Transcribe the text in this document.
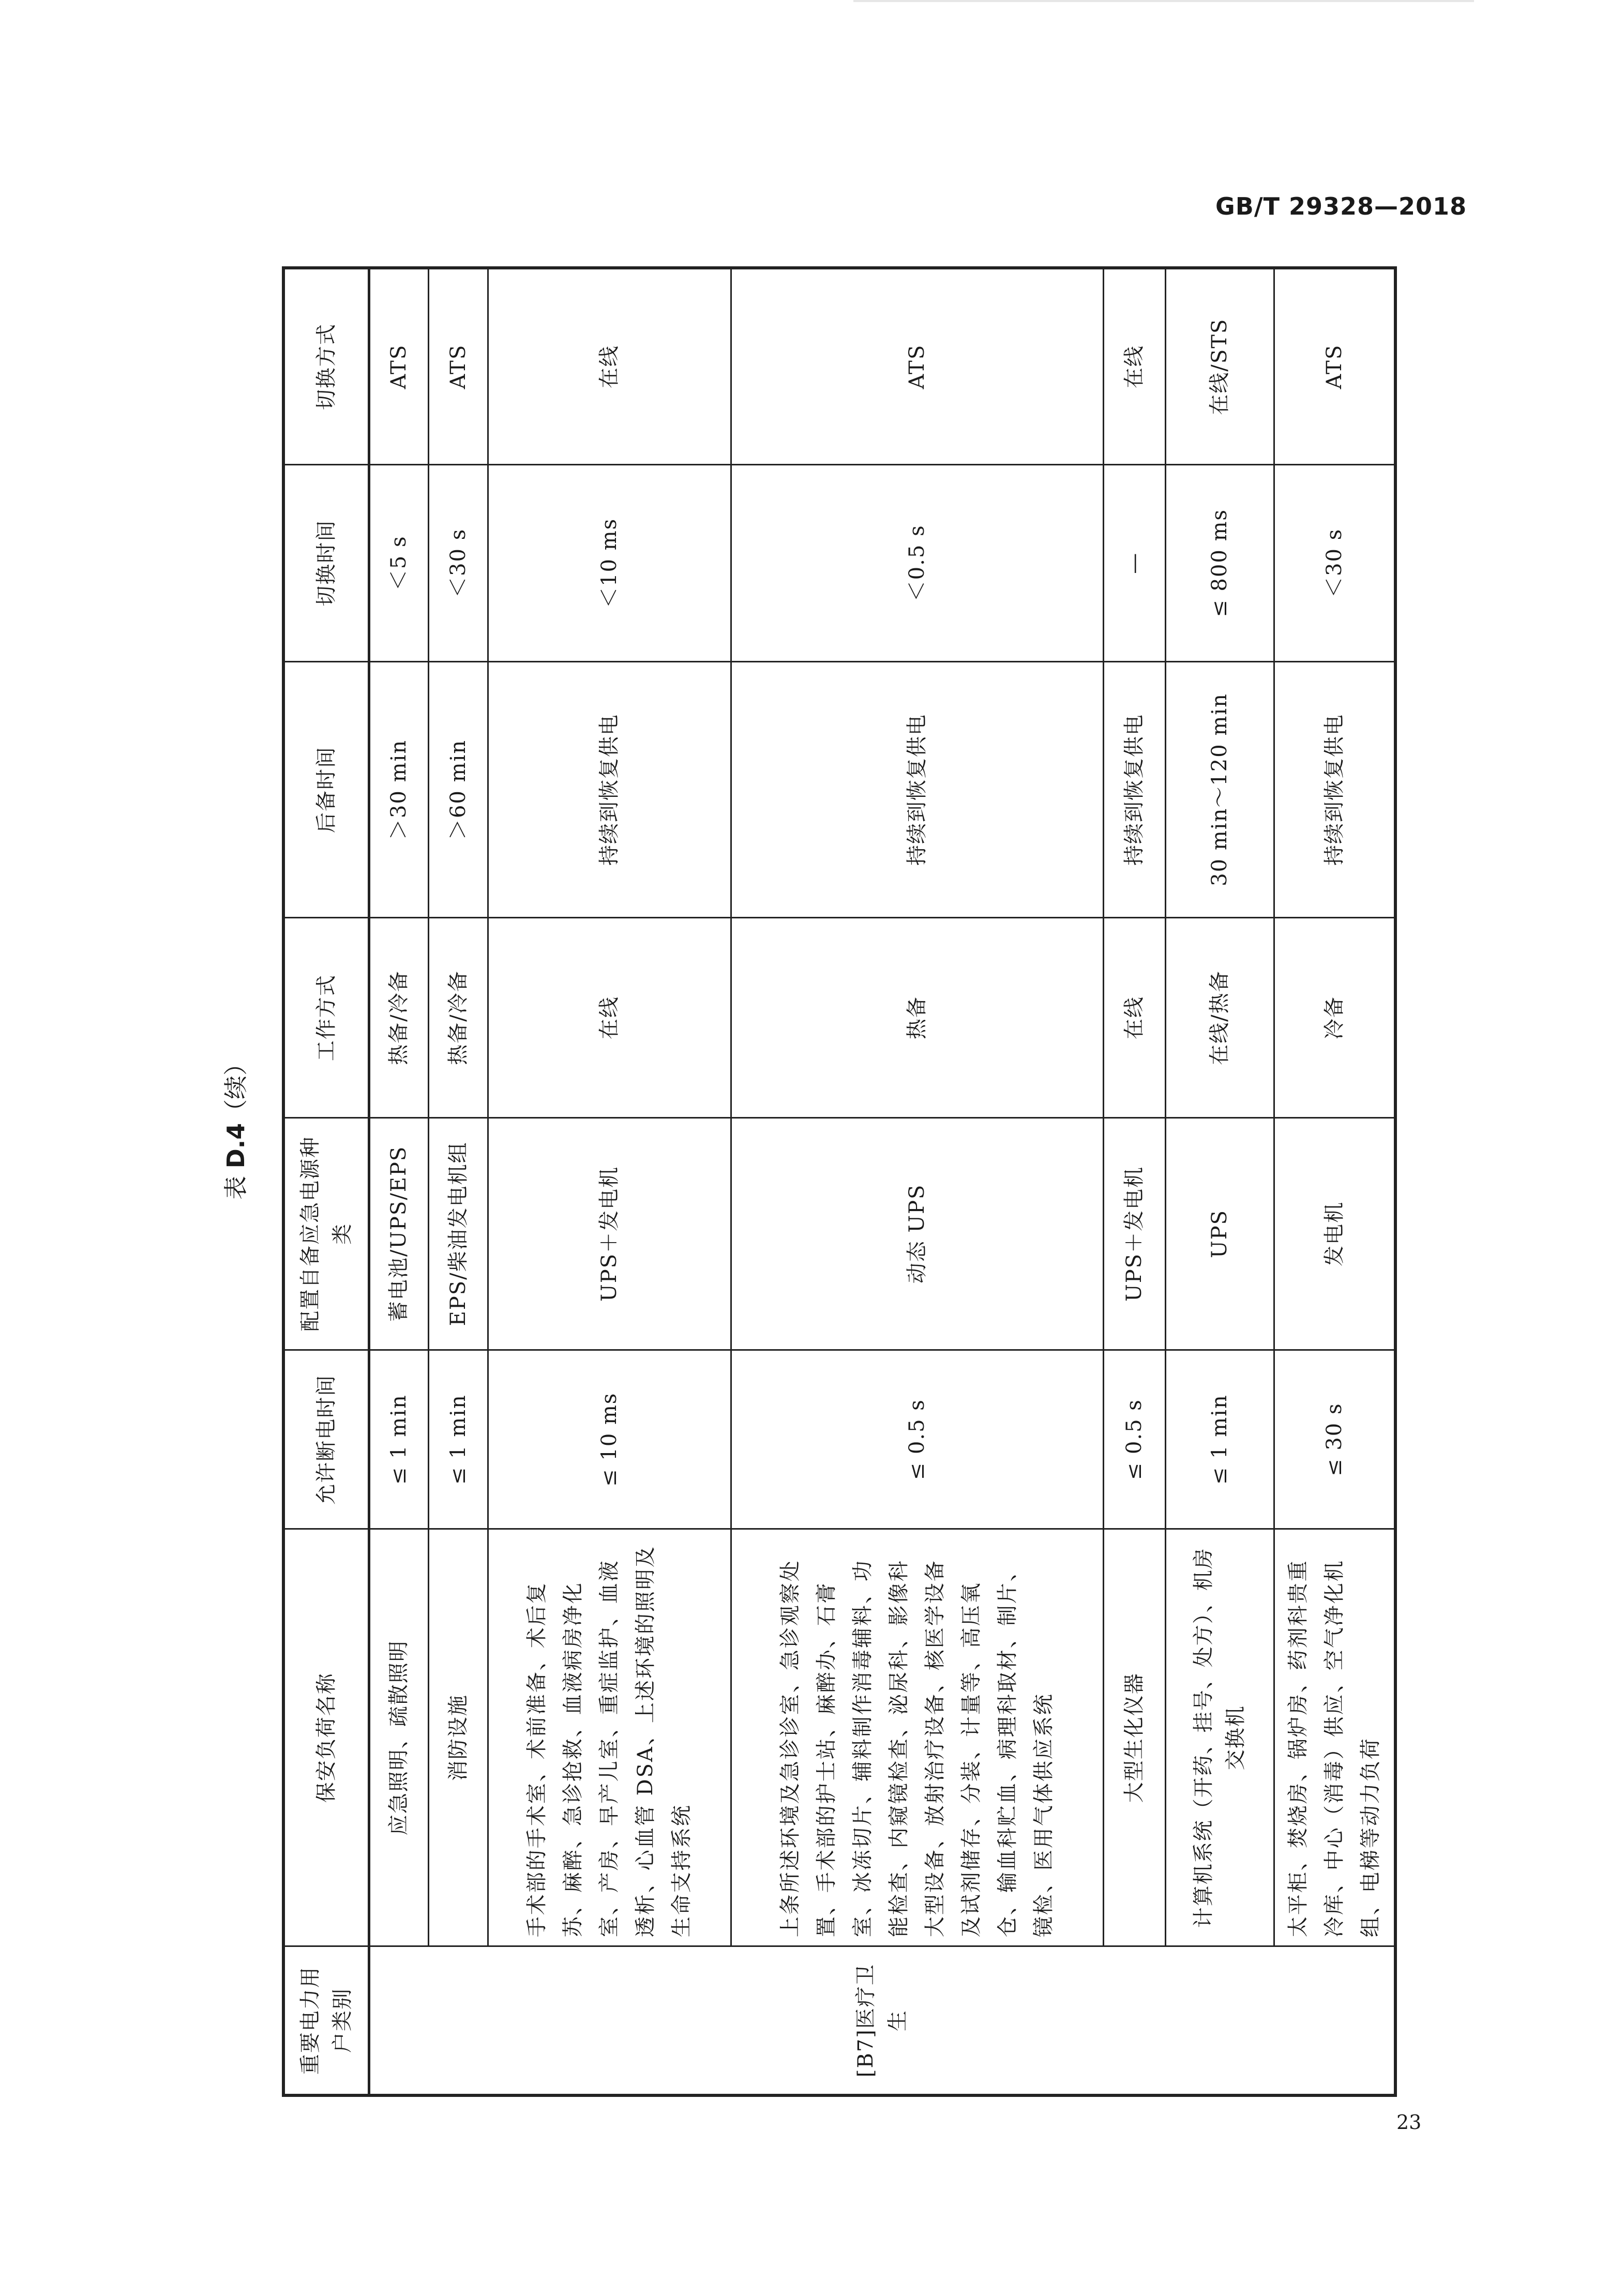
GB/T 29328—2018
表 D.4（续）
重要电力用户类别	保安负荷名称	允许断电时间	配置自备应急电源种类	工作方式	后备时间	切换时间	切换方式
[B7]医疗卫生	应急照明、疏散照明	≤ 1 min	蓄电池/UPS/EPS	热备/冷备	＞30 min	＜5 s	ATS
	消防设施	≤ 1 min	EPS/柴油发电机组	热备/冷备	＞60 min	＜30 s	ATS
	手术部的手术室、术前准备、术后复苏、麻醉、急诊抢救、血液病房净化室、产房、早产儿室、重症监护、血液透析、心血管 DSA、上述环境的照明及生命支持系统	≤ 10 ms	UPS＋发电机	在线	持续到恢复供电	＜10 ms	在线
	上条所述环境及急诊诊室、急诊观察处置、手术部的护士站、麻醉办、石膏室、冰冻切片、辅料制作消毒辅料、功能检查、内窥镜检查、泌尿科、影像科大型设备、放射治疗设备、核医学设备及试剂储存、分装、计量等、高压氧仓、输血科贮血、病理科取材、制片、镜检、医用气体供应系统	≤ 0.5 s	动态 UPS	热备	持续到恢复供电	＜0.5 s	ATS
	大型生化仪器	≤ 0.5 s	UPS＋发电机	在线	持续到恢复供电	—	在线
	计算机系统（开药、挂号、处方）、机房交换机	≤ 1 min	UPS	在线/热备	30 min～120 min	≤ 800 ms	在线/STS
	太平柜、焚烧房、锅炉房、药剂科贵重冷库、中心（消毒）供应、空气净化机组、电梯等动力负荷	≤ 30 s	发电机	冷备	持续到恢复供电	＜30 s	ATS
23
